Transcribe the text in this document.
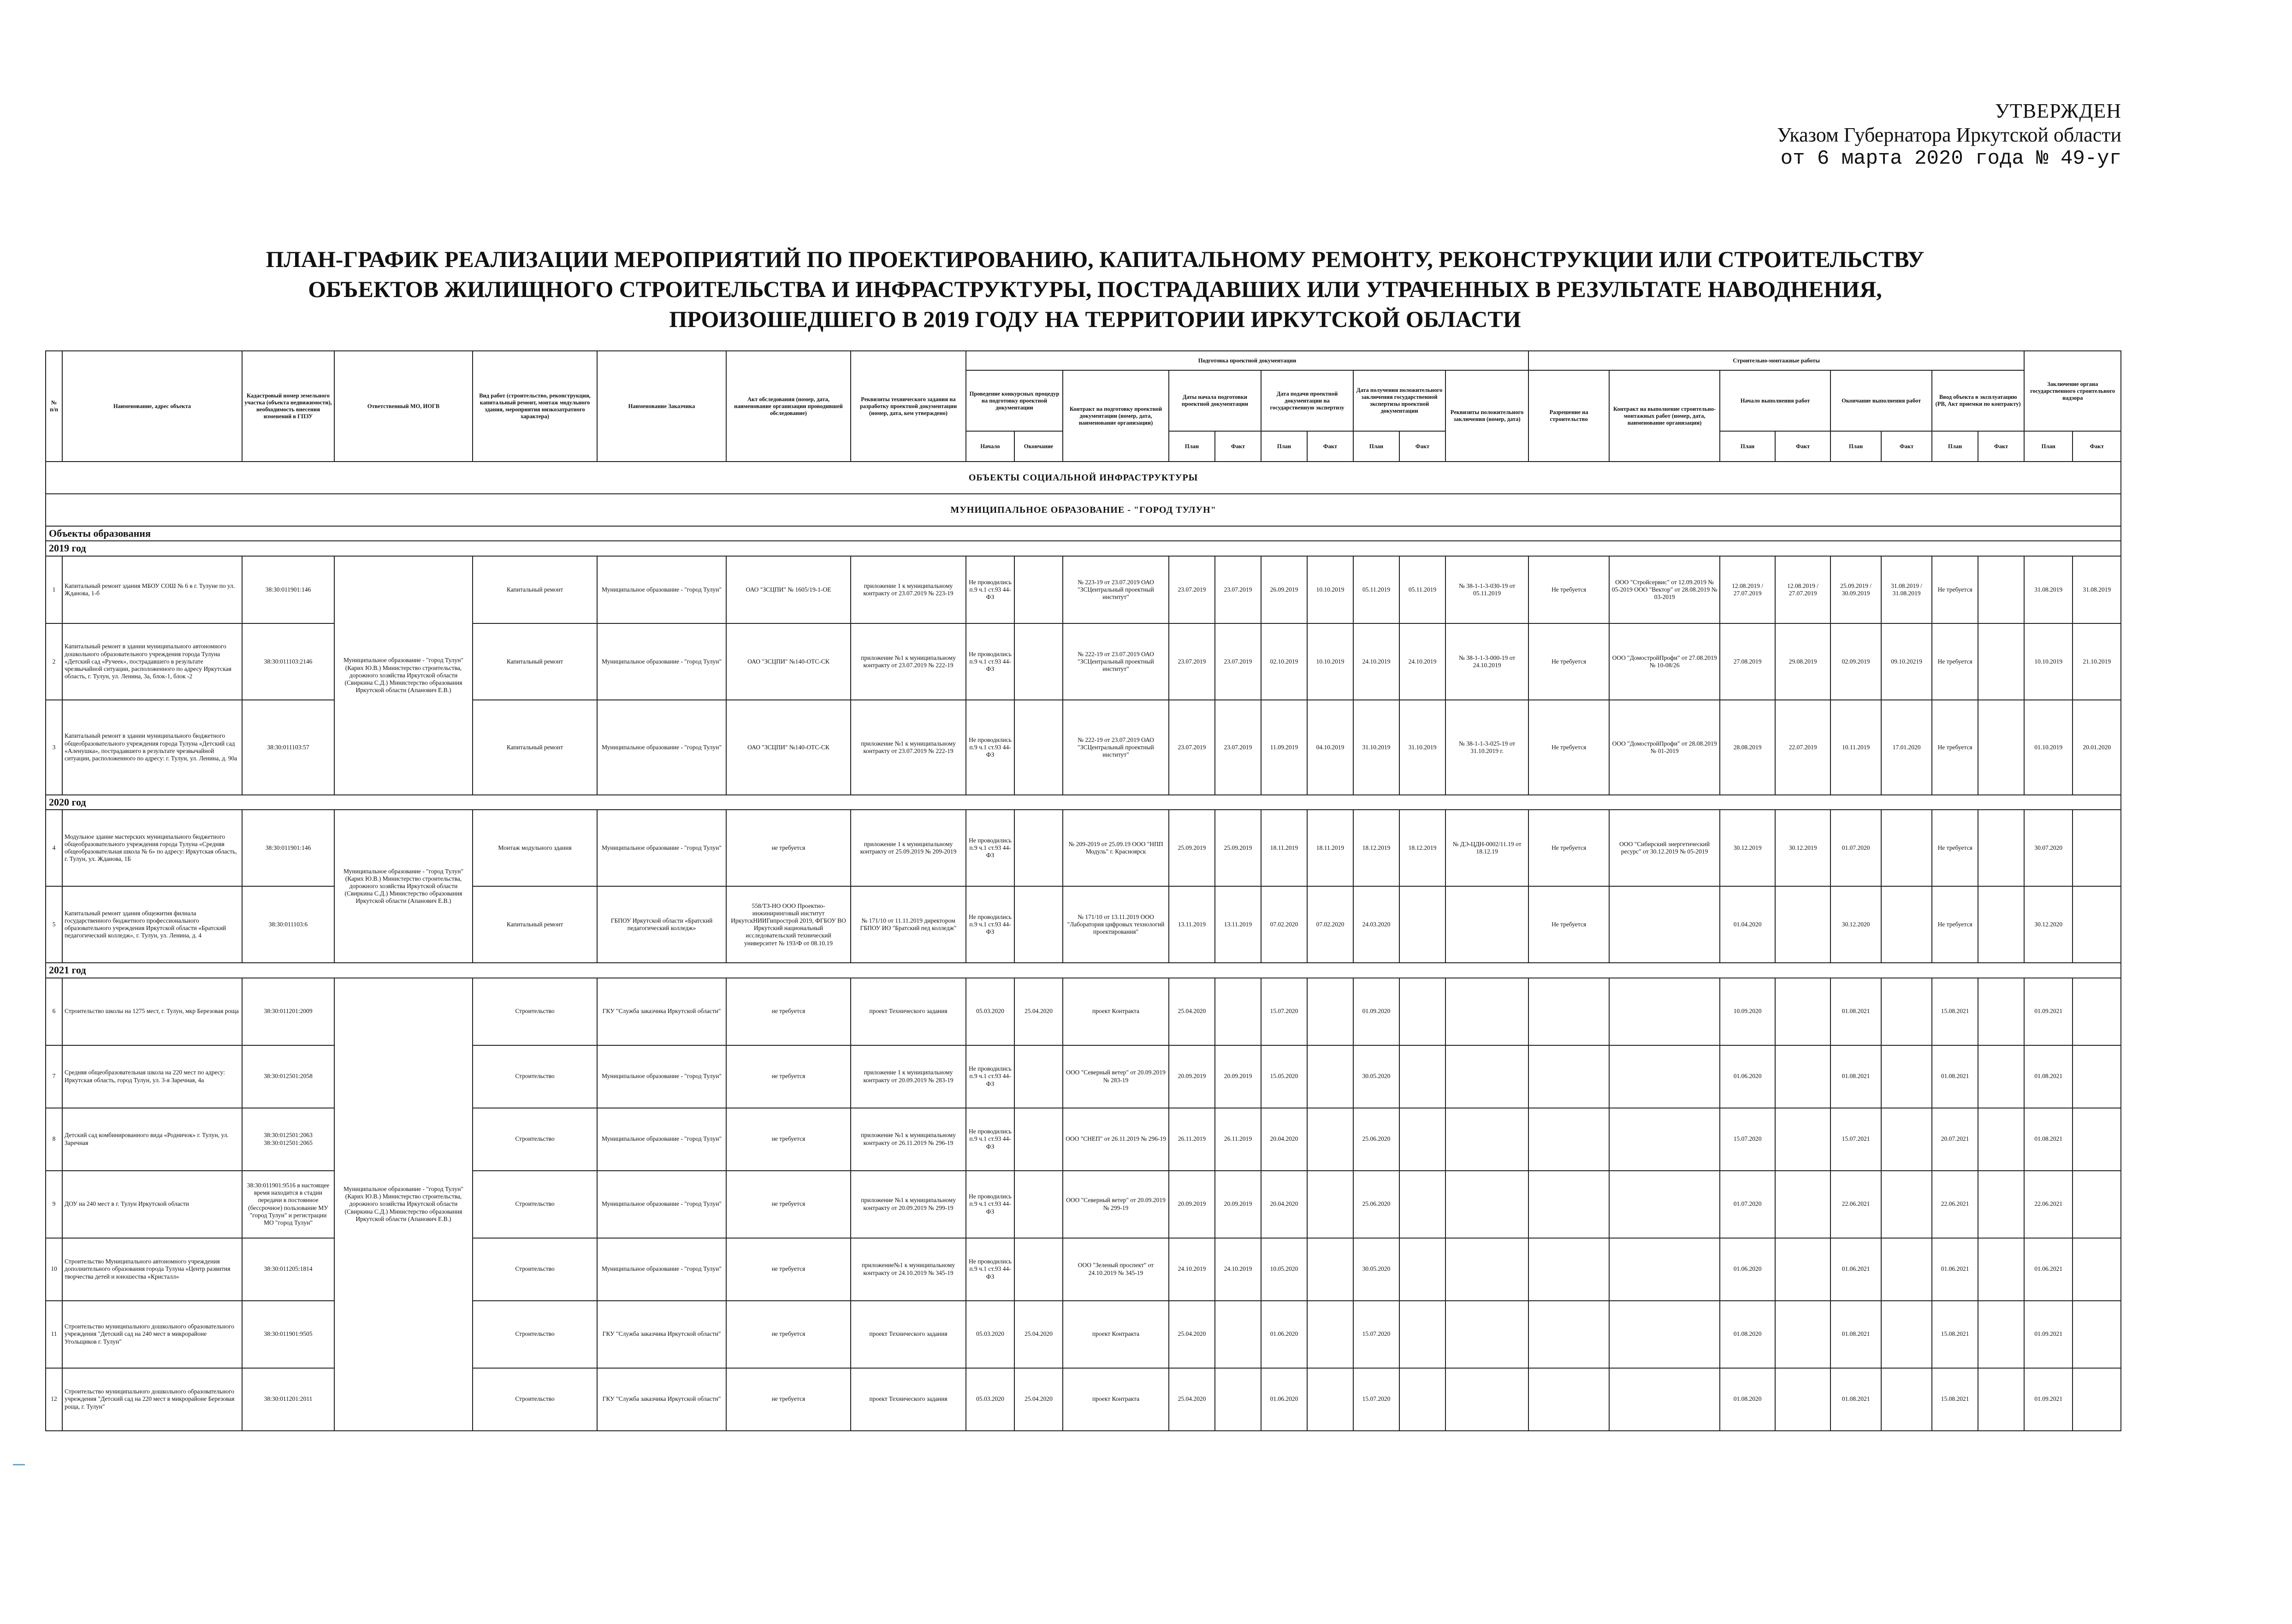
УТВЕРЖДЕН
Указом Губернатора Иркутской области
от 6 марта 2020 года № 49-уг
ПЛАН-ГРАФИК РЕАЛИЗАЦИИ МЕРОПРИЯТИЙ ПО ПРОЕКТИРОВАНИЮ, КАПИТАЛЬНОМУ РЕМОНТУ, РЕКОНСТРУКЦИИ ИЛИ СТРОИТЕЛЬСТВУ
ОБЪЕКТОВ ЖИЛИЩНОГО СТРОИТЕЛЬСТВА И ИНФРАСТРУКТУРЫ, ПОСТРАДАВШИХ ИЛИ УТРАЧЕННЫХ В РЕЗУЛЬТАТЕ НАВОДНЕНИЯ,
ПРОИЗОШЕДШЕГО В 2019 ГОДУ НА ТЕРРИТОРИИ ИРКУТСКОЙ ОБЛАСТИ
№ п/п	Наименование, адрес объекта	Кадастровый номер земельного участка (объекта недвижимости), необходимость внесения изменений в ГПЗУ	Ответственный МО, ИОГВ	Вид работ (строительство, реконструкция, капитальный ремонт, монтаж модульного здания, мероприятия низкозатратного характера)	Наименование Заказчика	Акт обследования (номер, дата, наименование организации проводившей обследование)	Реквизиты технического задания на разработку проектной документации (номер, дата, кем утверждено)	Подготовка проектной документации										Строительно-монтажные работы								Заключение органа государственного строительного надзора	
								Проведение конкурсных процедур на подготовку проектной документации		Контракт на подготовку проектной документации (номер, дата, наименование организации)	Даты начала подготовки проектной документации		Дата подачи проектной документации на государственную экспертизу		Дата получения положительного заключения государственной экспертизы проектной документации		Реквизиты положительного заключения (номер, дата)	Разрешение на строительство	Контракт на выполнение строительно-монтажных работ (номер, дата, наименование организации)	Начало выполнения работ		Окончание выполнения работ		Ввод объекта в эксплуатацию (РВ, Акт приемки по контракту)			
								Начало	Окончание		План	Факт	План	Факт	План	Факт				План	Факт	План	Факт	План	Факт	План	Факт
ОБЪЕКТЫ СОЦИАЛЬНОЙ ИНФРАСТРУКТУРЫ																											
МУНИЦИПАЛЬНОЕ ОБРАЗОВАНИЕ - "ГОРОД ТУЛУН"																											
Объекты образования																											
2019 год																											
1	Капитальный ремонт здания МБОУ СОШ № 6 в г. Тулуне по ул. Жданова, 1-б	38:30:011901:146	Муниципальное образование - "город Тулун" (Карих Ю.В.) Министерство строительства, дорожного хозяйства Иркутской области (Свиркина С.Д.) Министерство образования Иркутской области (Апанович Е.В.)	Капитальный ремонт	Муниципальное образование - "город Тулун"	ОАО "ЗСЦПИ" № 1605/19-1-ОЕ	приложение 1 к муниципальному контракту от 23.07.2019 № 223-19	Не проводились п.9 ч.1 ст.93 44-ФЗ		№ 223-19 от 23.07.2019 ОАО "ЗСЦентральный проектный институт"	23.07.2019	23.07.2019	26.09.2019	10.10.2019	05.11.2019	05.11.2019	№ 38-1-1-3-030-19 от 05.11.2019	Не требуется	ООО "Стройсервис" от 12.09.2019 № 05-2019 ООО "Вектор" от 28.08.2019 № 03-2019	12.08.2019 / 27.07.2019	12.08.2019 / 27.07.2019	25.09.2019 / 30.09.2019	31.08.2019 / 31.08.2019	Не требуется		31.08.2019	31.08.2019
2	Капитальный ремонт в здании муниципального автономного дошкольного образовательного учреждения города Тулуна «Детский сад «Ручеек», пострадавшего в результате чрезвычайной ситуации, расположенного по адресу Иркутская область, г. Тулун, ул. Ленина, 3а, блок-1, блок -2	38:30:011103:2146		Капитальный ремонт	Муниципальное образование - "город Тулун"	ОАО "ЗСЦПИ" №140-ОТС-СК	приложение №1 к муниципальному контракту от 23.07.2019 № 222-19	Не проводились п.9 ч.1 ст.93 44-ФЗ		№ 222-19 от 23.07.2019 ОАО "ЗСЦентральный проектный институт"	23.07.2019	23.07.2019	02.10.2019	10.10.2019	24.10.2019	24.10.2019	№ 38-1-1-3-000-19 от 24.10.2019	Не требуется	ООО "ДомостройПрофи" от 27.08.2019 № 10-08/26	27.08.2019	29.08.2019	02.09.2019	09.10.20219	Не требуется		10.10.2019	21.10.2019
3	Капитальный ремонт в здании муниципального бюджетного общеобразовательного учреждения города Тулуна «Детский сад «Аленушка», пострадавшего в результате чрезвычайной ситуации, расположенного по адресу: г. Тулун, ул. Ленина, д. 90а	38:30:011103:57		Капитальный ремонт	Муниципальное образование - "город Тулун"	ОАО "ЗСЦПИ" №140-ОТС-СК	приложение №1 к муниципальному контракту от 23.07.2019 № 222-19	Не проводились п.9 ч.1 ст.93 44-ФЗ		№ 222-19 от 23.07.2019 ОАО "ЗСЦентральный проектный институт"	23.07.2019	23.07.2019	11.09.2019	04.10.2019	31.10.2019	31.10.2019	№ 38-1-1-3-025-19 от 31.10.2019 г.	Не требуется	ООО "ДомостройПрофи" от 28.08.2019 № 01-2019	28.08.2019	22.07.2019	10.11.2019	17.01.2020	Не требуется		01.10.2019	20.01.2020
2020 год																											
4	Модульное здание мастерских муниципального бюджетного общеобразовательного учреждения города Тулуна «Средняя общеобразовательная школа № 6» по адресу: Иркутская область, г. Тулун, ул. Жданова, 1Б	38:30:011901:146	Муниципальное образование - "город Тулун" (Карих Ю.В.) Министерство строительства, дорожного хозяйства Иркутской области (Свиркина С.Д.) Министерство образования Иркутской области (Апанович Е.В.)	Монтаж модульного здания	Муниципальное образование - "город Тулун"	не требуется	приложение 1 к муниципальному контракту от 25.09.2019 № 209-2019	Не проводились п.9 ч.1 ст.93 44-ФЗ		№ 209-2019 от 25.09.19 ООО "НПП Модуль" г. Красноярск	25.09.2019	25.09.2019	18.11.2019	18.11.2019	18.12.2019	18.12.2019	№ ДЭ-ЦДН-0002/11.19 от 18.12.19	Не требуется	ООО "Сибирский энергетический ресурс" от 30.12.2019 № 05-2019	30.12.2019	30.12.2019	01.07.2020		Не требуется		30.07.2020	
5	Капитальный ремонт здания общежития филиала государственного бюджетного профессионального образовательного учреждения Иркутской области «Братский педагогический колледж», г. Тулун, ул. Ленина, д. 4	38:30:011103:6		Капитальный ремонт	ГБПОУ Иркутской области «Братский педагогический колледж»	558/ТЗ-НО ООО Проектно-инжиниринговый институт ИркутскНИИГипрострой 2019, ФГБОУ ВО Иркутский национальный исследовательский технический университет № 193/Ф от 08.10.19	№ 171/10 от 11.11.2019 директором ГБПОУ ИО "Братский пед колледж"	Не проводились п.9 ч.1 ст.93 44-ФЗ		№ 171/10 от 13.11.2019 ООО "Лаборатория цифровых технологий проектирования"	13.11.2019	13.11.2019	07.02.2020	07.02.2020	24.03.2020			Не требуется		01.04.2020		30.12.2020		Не требуется		30.12.2020	
2021 год																											
6	Строительство школы на 1275 мест, г. Тулун, мкр Березовая роща	38:30:011201:2009	Муниципальное образование - "город Тулун" (Карих Ю.В.) Министерство строительства, дорожного хозяйства Иркутской области (Свиркина С.Д.) Министерство образования Иркутской области (Апанович Е.В.)	Строительство	ГКУ "Служба заказчика Иркутской области"	не требуется	проект Технического задания	05.03.2020	25.04.2020	проект Контракта	25.04.2020		15.07.2020		01.09.2020					10.09.2020		01.08.2021		15.08.2021		01.09.2021	
7	Средняя общеобразовательная школа на 220 мест по адресу: Иркутская область, город Тулун, ул. 3-я Заречная, 4а	38:30:012501:2058		Строительство	Муниципальное образование - "город Тулун"	не требуется	приложение 1 к муниципальному контракту от 20.09.2019 № 283-19	Не проводились п.9 ч.1 ст.93 44-ФЗ		ООО "Северный ветер" от 20.09.2019 № 283-19	20.09.2019	20.09.2019	15.05.2020		30.05.2020					01.06.2020		01.08.2021		01.08.2021		01.08.2021	
8	Детский сад комбинированного вида «Родничок» г. Тулун, ул. Заречная	38:30:012501:2063 38:30:012501:2065		Строительство	Муниципальное образование - "город Тулун"	не требуется	приложение №1 к муниципальному контракту от 26.11.2019 № 296-19	Не проводились п.9 ч.1 ст.93 44-ФЗ		ООО "СНЕП" от 26.11.2019 № 296-19	26.11.2019	26.11.2019	20.04.2020		25.06.2020					15.07.2020		15.07.2021		20.07.2021		01.08.2021	
9	ДОУ на 240 мест в г. Тулун Иркутской области	38:30:011901:9516 в настоящее время находится в стадии передачи в постоянное (бессрочное) пользование МУ "город Тулун" и регистрации МО "город Тулун"		Строительство	Муниципальное образование - "город Тулун"	не требуется	приложение №1 к муниципальному контракту от 20.09.2019 № 299-19	Не проводились п.9 ч.1 ст.93 44-ФЗ		ООО "Северный ветер" от 20.09.2019 № 299-19	20.09.2019	20.09.2019	20.04.2020		25.06.2020					01.07.2020		22.06.2021		22.06.2021		22.06.2021	
10	Строительство Муниципального автономного учреждения дополнительного образования города Тулуна «Центр развития творчества детей и юношества «Кристалл»	38:30:011205:1814		Строительство	Муниципальное образование - "город Тулун"	не требуется	приложение№1 к муниципальному контракту от 24.10.2019 № 345-19	Не проводились п.9 ч.1 ст.93 44-ФЗ		ООО "Зеленый проспект" от 24.10.2019 № 345-19	24.10.2019	24.10.2019	10.05.2020		30.05.2020					01.06.2020		01.06.2021		01.06.2021		01.06.2021	
11	Строительство муниципального дошкольного образовательного учреждения "Детский сад на 240 мест в микрорайоне Угольщиков г. Тулун"	38:30:011901:9505		Строительство	ГКУ "Служба заказчика Иркутской области"	не требуется	проект Технического задания	05.03.2020	25.04.2020	проект Контракта	25.04.2020		01.06.2020		15.07.2020					01.08.2020		01.08.2021		15.08.2021		01.09.2021	
12	Строительство муниципального дошкольного образовательного учреждения "Детский сад на 220 мест в микрорайоне Березовая роща, г. Тулун"	38:30:011201:2011		Строительство	ГКУ "Служба заказчика Иркутской области"	не требуется	проект Технического задания	05.03.2020	25.04.2020	проект Контракта	25.04.2020		01.06.2020		15.07.2020					01.08.2020		01.08.2021		15.08.2021		01.09.2021	
